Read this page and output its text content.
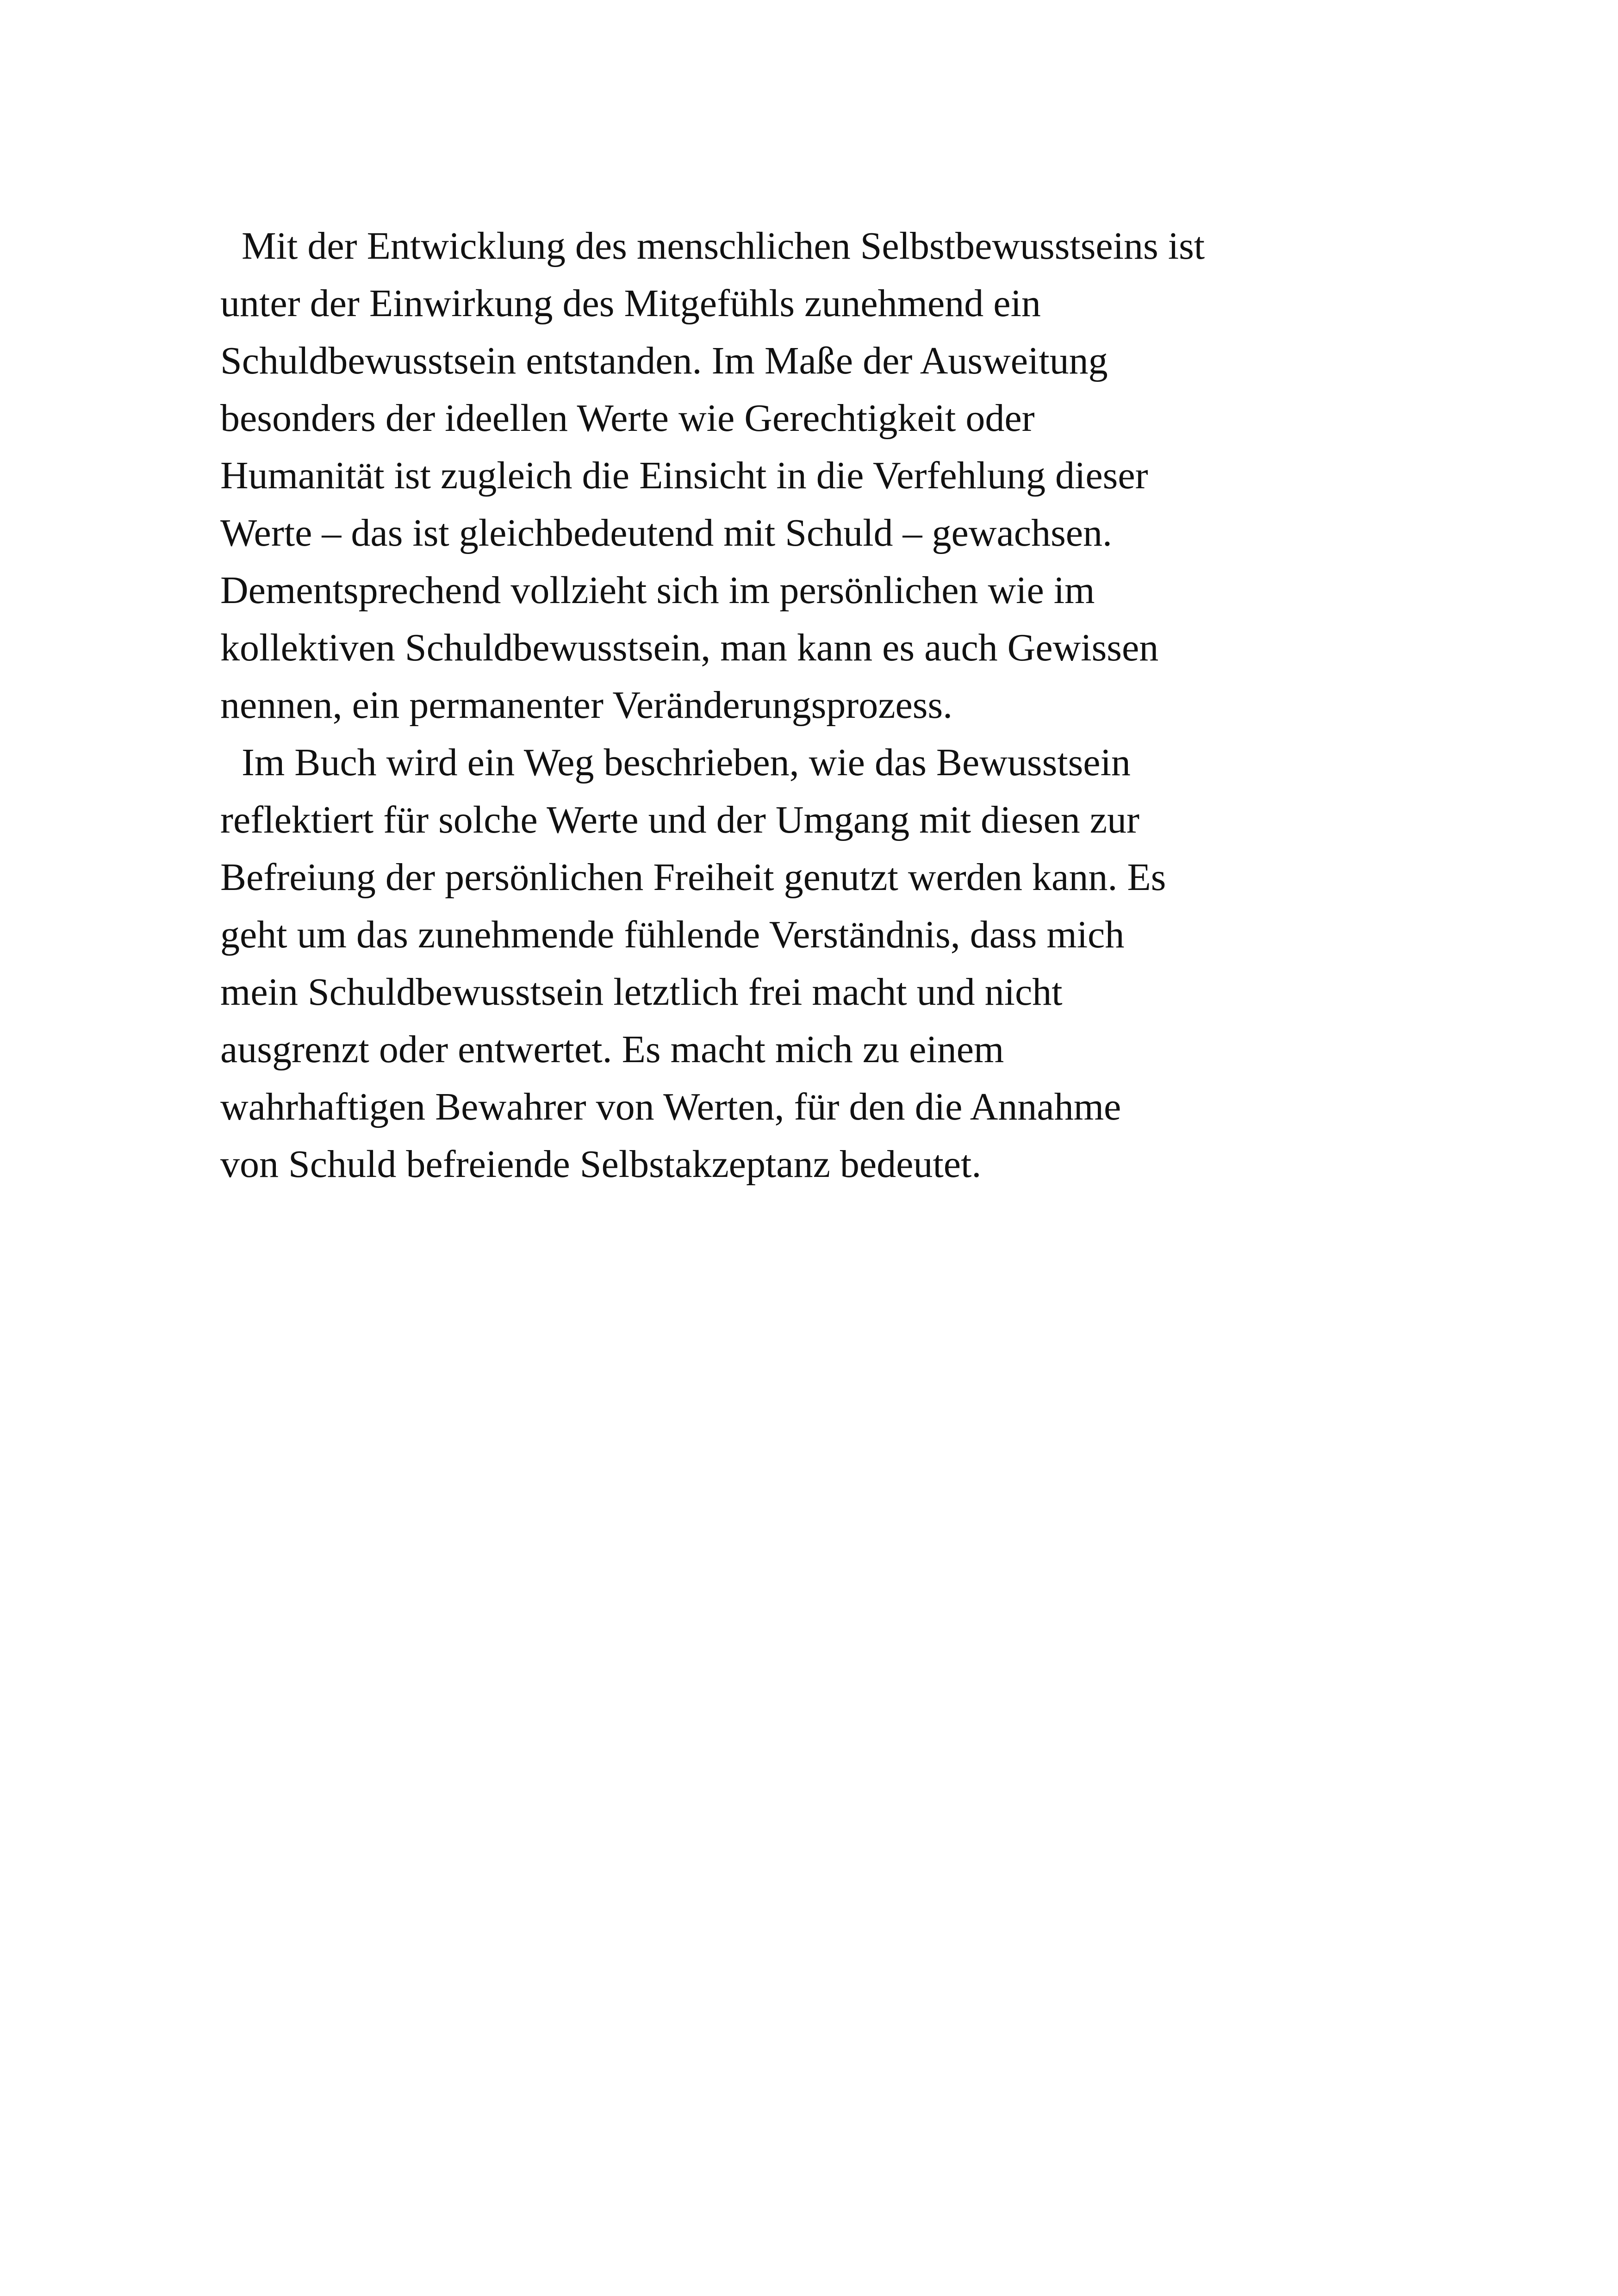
Mit der Entwicklung des menschlichen Selbstbewusstseins ist
unter der Einwirkung des Mitgefühls zunehmend ein
Schuldbewusstsein entstanden. Im Maße der Ausweitung
besonders der ideellen Werte wie Gerechtigkeit oder
Humanität ist zugleich die Einsicht in die Verfehlung dieser
Werte – das ist gleichbedeutend mit Schuld – gewachsen.
Dementsprechend vollzieht sich im persönlichen wie im
kollektiven Schuldbewusstsein, man kann es auch Gewissen
nennen, ein permanenter Veränderungsprozess.

Im Buch wird ein Weg beschrieben, wie das Bewusstsein
reflektiert für solche Werte und der Umgang mit diesen zur
Befreiung der persönlichen Freiheit genutzt werden kann. Es
geht um das zunehmende fühlende Verständnis, dass mich
mein Schuldbewusstsein letztlich frei macht und nicht
ausgrenzt oder entwertet. Es macht mich zu einem
wahrhaftigen Bewahrer von Werten, für den die Annahme
von Schuld befreiende Selbstakzeptanz bedeutet.
